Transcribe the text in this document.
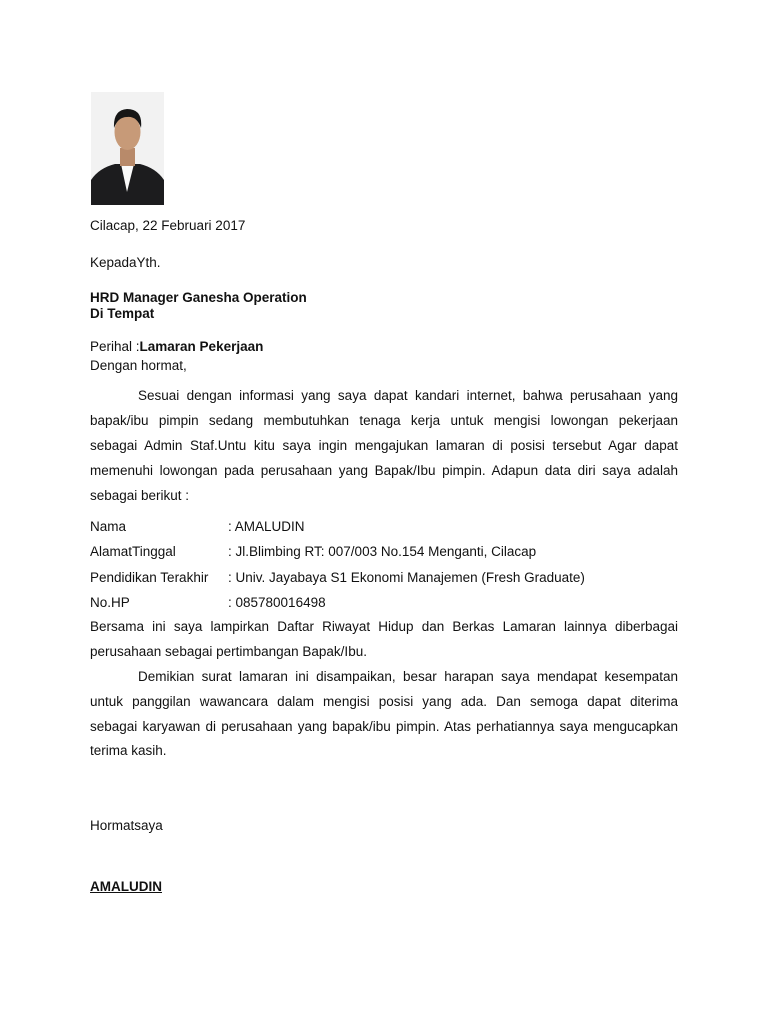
Cilacap, 22 Februari 2017
KepadaYth.
HRD Manager Ganesha Operation
Di Tempat
Perihal :Lamaran Pekerjaan
Dengan hormat,
Sesuai dengan informasi yang saya dapat kandari internet, bahwa perusahaan yang
bapak/ibu pimpin sedang membutuhkan tenaga kerja untuk mengisi lowongan pekerjaan
sebagai Admin Staf.Untu kitu saya ingin mengajukan lamaran di posisi tersebut Agar dapat
memenuhi lowongan pada perusahaan yang Bapak/Ibu pimpin. Adapun data diri saya adalah
sebagai berikut :
Nama	: AMALUDIN
AlamatTinggal	: Jl.Blimbing RT: 007/003 No.154 Menganti, Cilacap
Pendidikan Terakhir : Univ. Jayabaya S1 Ekonomi Manajemen (Fresh Graduate)
No.HP	: 085780016498
Bersama ini saya lampirkan Daftar Riwayat Hidup dan Berkas Lamaran lainnya diberbagai
perusahaan sebagai pertimbangan Bapak/Ibu.
Demikian surat lamaran ini disampaikan, besar harapan saya mendapat kesempatan
untuk panggilan wawancara dalam mengisi posisi yang ada. Dan semoga dapat diterima
sebagai karyawan di perusahaan yang bapak/ibu pimpin. Atas perhatiannya saya mengucapkan
terima kasih.
Hormatsaya
AMALUDIN
